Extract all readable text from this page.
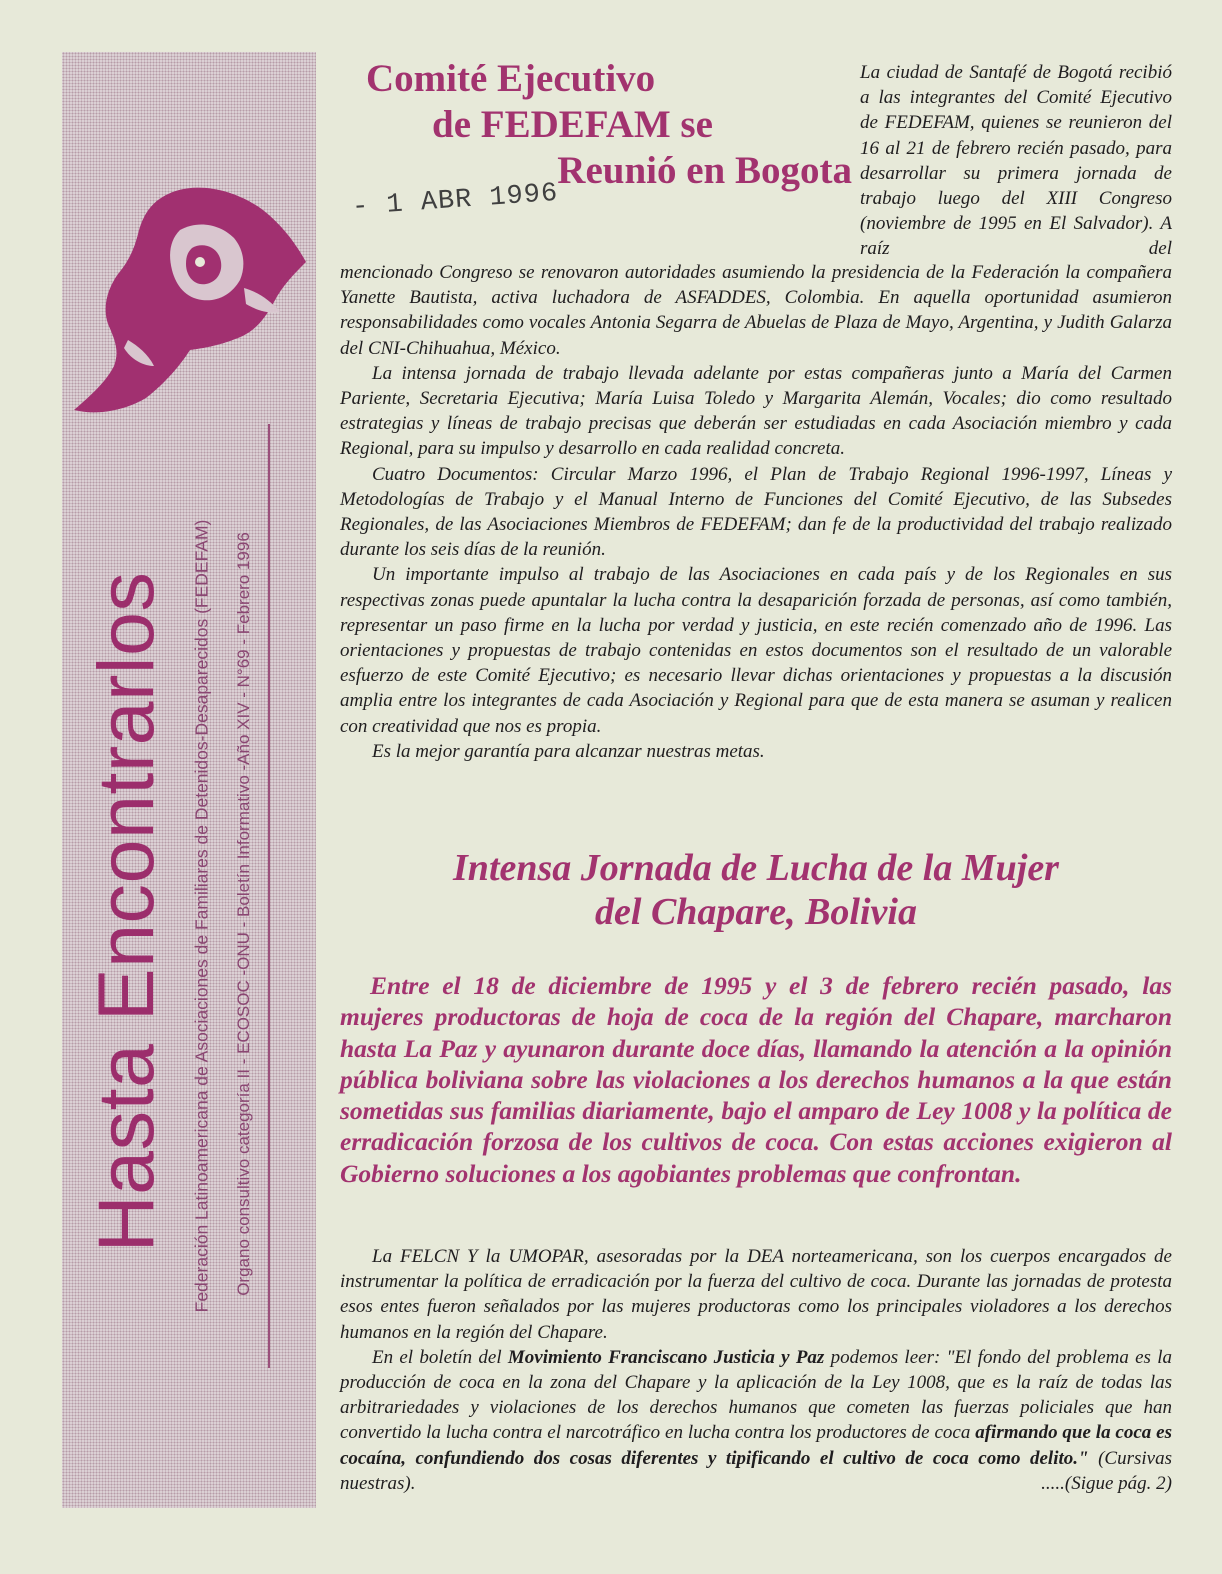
Hasta Encontrarlos Federación Latinoamericana de Asociaciones de Familiares de Detenidos-Desaparecidos (FEDEFAM) Organo consultivo categoría II - ECOSOC -ONU - Boletín Informativo -Año XIV - N°69 - Febrero 1996
- 1 ABR 1996
Comité Ejecutivo
de FEDEFAM se
Reunió en Bogota

La ciudad de Santafé de Bogotá recibió a las integrantes del Comité Ejecutivo de FEDEFAM, quienes se reunieron del 16 al 21 de febrero recién pasado, para desarrollar su primera jornada de trabajo luego del XIII Congreso (noviembre de 1995 en El Salvador). A raíz del

mencionado Congreso se renovaron autoridades asumiendo la presidencia de la Federación la compañera Yanette Bautista, activa luchadora de ASFADDES, Colombia. En aquella oportunidad asumieron responsabilidades como vocales Antonia Segarra de Abuelas de Plaza de Mayo, Argentina, y Judith Galarza del CNI-Chihuahua, México.

La intensa jornada de trabajo llevada adelante por estas compañeras junto a María del Carmen Pariente, Secretaria Ejecutiva; María Luisa Toledo y Margarita Alemán, Vocales; dio como resultado estrategias y líneas de trabajo precisas que deberán ser estudiadas en cada Asociación miembro y cada Regional, para su impulso y desarrollo en cada realidad concreta.

Cuatro Documentos: Circular Marzo 1996, el Plan de Trabajo Regional 1996-1997, Líneas y Metodologías de Trabajo y el Manual Interno de Funciones del Comité Ejecutivo, de las Subsedes Regionales, de las Asociaciones Miembros de FEDEFAM; dan fe de la productividad del trabajo realizado durante los seis días de la reunión.

Un importante impulso al trabajo de las Asociaciones en cada país y de los Regionales en sus respectivas zonas puede apuntalar la lucha contra la desaparición forzada de personas, así como también, representar un paso firme en la lucha por verdad y justicia, en este recién comenzado año de 1996. Las orientaciones y propuestas de trabajo contenidas en estos documentos son el resultado de un valorable esfuerzo de este Comité Ejecutivo; es necesario llevar dichas orientaciones y propuestas a la discusión amplia entre los integrantes de cada Asociación y Regional para que de esta manera se asuman y realicen con creatividad que nos es propia.

Es la mejor garantía para alcanzar nuestras metas.

Intensa Jornada de Lucha de la Mujer
del Chapare, Bolivia

Entre el 18 de diciembre de 1995 y el 3 de febrero recién pasado, las mujeres productoras de hoja de coca de la región del Chapare, marcharon hasta La Paz y ayunaron durante doce días, llamando la atención a la opinión pública boliviana sobre las violaciones a los derechos humanos a la que están sometidas sus familias diariamente, bajo el amparo de Ley 1008 y la política de erradicación forzosa de los cultivos de coca. Con estas acciones exigieron al Gobierno soluciones a los agobiantes problemas que confrontan.

La FELCN Y la UMOPAR, asesoradas por la DEA norteamericana, son los cuerpos encargados de instrumentar la política de erradicación por la fuerza del cultivo de coca. Durante las jornadas de protesta esos entes fueron señalados por las mujeres productoras como los principales violadores a los derechos humanos en la región del Chapare.

En el boletín del Movimiento Franciscano Justicia y Paz podemos leer: "El fondo del problema es la producción de coca en la zona del Chapare y la aplicación de la Ley 1008, que es la raíz de todas las arbitrariedades y violaciones de los derechos humanos que cometen las fuerzas policiales que han convertido la lucha contra el narcotráfico en lucha contra los productores de coca afirmando que la coca es cocaína, confundiendo dos cosas diferentes y tipificando el cultivo de coca como delito." (Cursivas nuestras).	.....(Sigue pág. 2)
